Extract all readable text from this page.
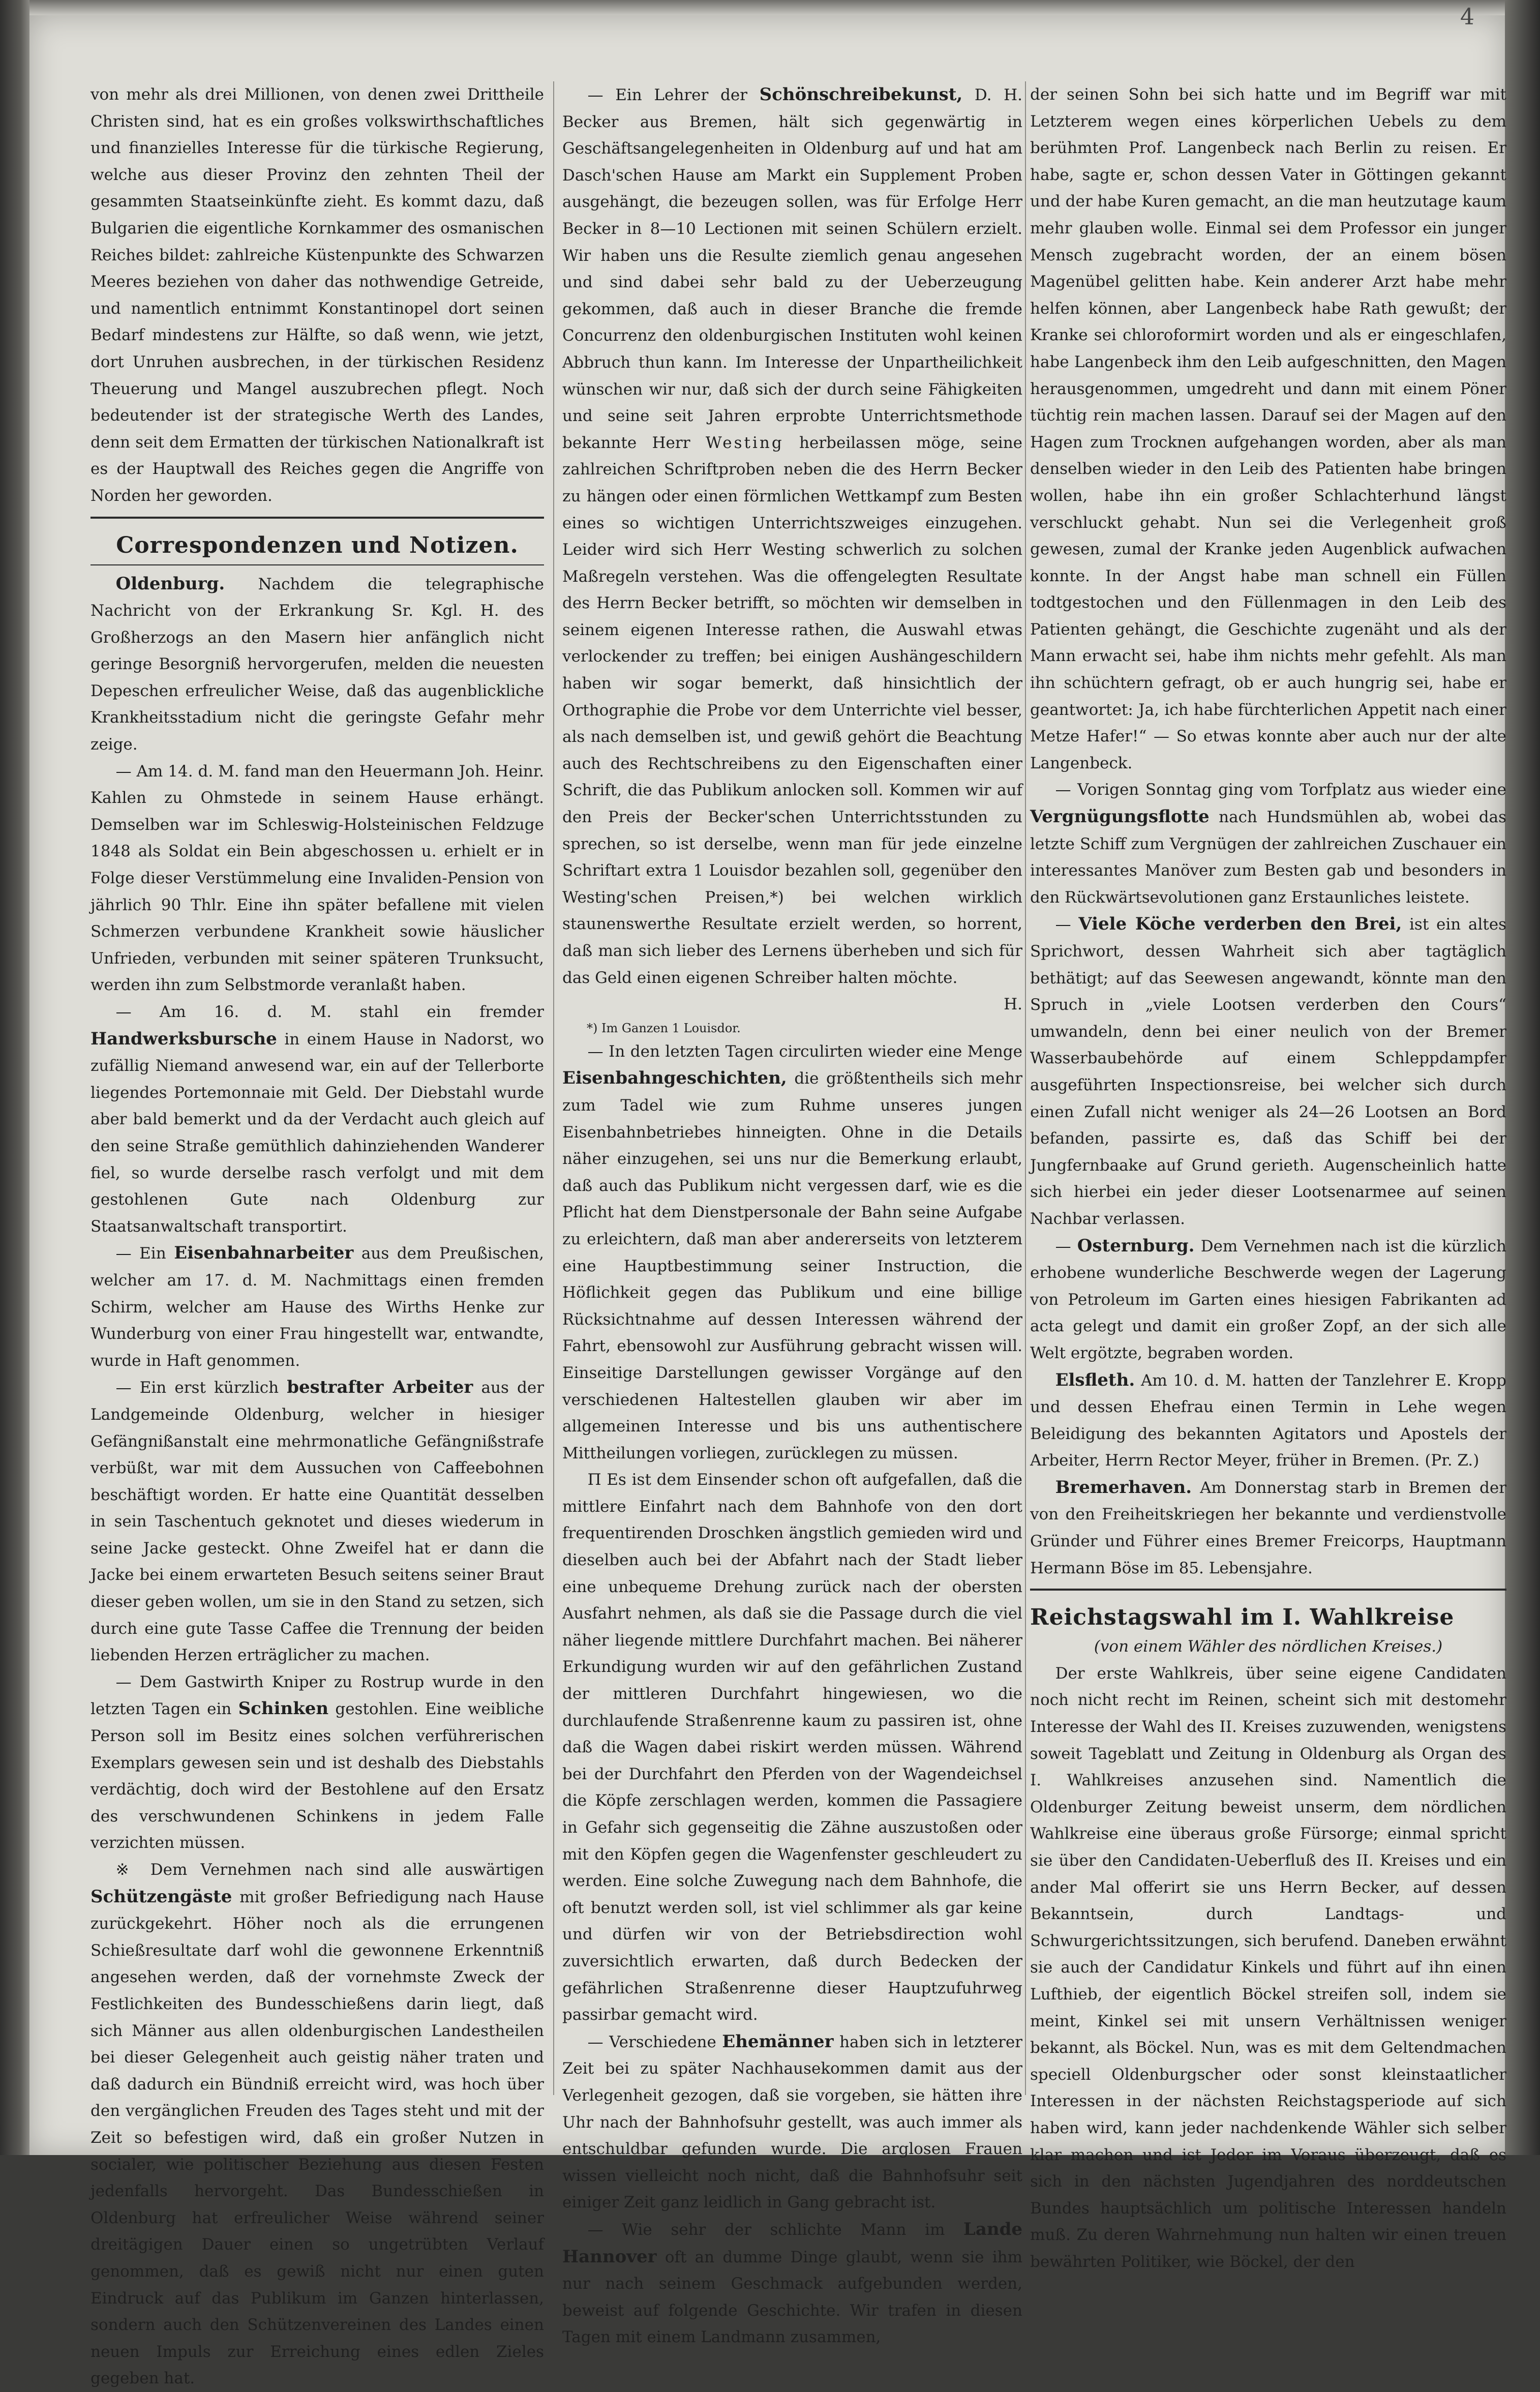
4

von mehr als drei Millionen, von denen zwei Drittheile Christen sind, hat es ein großes volkswirthschaftliches und finanzielles Interesse für die türkische Regierung, welche aus dieser Provinz den zehnten Theil der gesammten Staatseinkünfte zieht. Es kommt dazu, daß Bulgarien die eigentliche Kornkammer des osmanischen Reiches bildet: zahlreiche Küstenpunkte des Schwarzen Meeres beziehen von daher das nothwendige Getreide, und namentlich entnimmt Konstantinopel dort seinen Bedarf mindestens zur Hälfte, so daß wenn, wie jetzt, dort Unruhen ausbrechen, in der türkischen Residenz Theuerung und Mangel auszubrechen pflegt. Noch bedeutender ist der strategische Werth des Landes, denn seit dem Ermatten der türkischen Nationalkraft ist es der Hauptwall des Reiches gegen die Angriffe von Norden her geworden.

Correspondenzen und Notizen.

Oldenburg. Nachdem die telegraphische Nachricht von der Erkrankung Sr. Kgl. H. des Großherzogs an den Masern hier anfänglich nicht geringe Besorgniß hervorgerufen, melden die neuesten Depeschen erfreulicher Weise, daß das augenblickliche Krankheitsstadium nicht die geringste Gefahr mehr zeige.

— Am 14. d. M. fand man den Heuermann Joh. Heinr. Kahlen zu Ohmstede in seinem Hause erhängt. Demselben war im Schleswig-Holsteinischen Feldzuge 1848 als Soldat ein Bein abgeschossen u. erhielt er in Folge dieser Verstümmelung eine Invaliden-Pension von jährlich 90 Thlr. Eine ihn später befallene mit vielen Schmerzen verbundene Krankheit sowie häuslicher Unfrieden, verbunden mit seiner späteren Trunksucht, werden ihn zum Selbstmorde veranlaßt haben.

— Am 16. d. M. stahl ein fremder Handwerksbursche in einem Hause in Nadorst, wo zufällig Niemand anwesend war, ein auf der Tellerborte liegendes Portemonnaie mit Geld. Der Diebstahl wurde aber bald bemerkt und da der Verdacht auch gleich auf den seine Straße gemüthlich dahinziehenden Wanderer fiel, so wurde derselbe rasch verfolgt und mit dem gestohlenen Gute nach Oldenburg zur Staatsanwaltschaft transportirt.

— Ein Eisenbahnarbeiter aus dem Preußischen, welcher am 17. d. M. Nachmittags einen fremden Schirm, welcher am Hause des Wirths Henke zur Wunderburg von einer Frau hingestellt war, entwandte, wurde in Haft genommen.

— Ein erst kürzlich bestrafter Arbeiter aus der Landgemeinde Oldenburg, welcher in hiesiger Gefängnißanstalt eine mehrmonatliche Gefängnißstrafe verbüßt, war mit dem Aussuchen von Caffeebohnen beschäftigt worden. Er hatte eine Quantität desselben in sein Taschentuch geknotet und dieses wiederum in seine Jacke gesteckt. Ohne Zweifel hat er dann die Jacke bei einem erwarteten Besuch seitens seiner Braut dieser geben wollen, um sie in den Stand zu setzen, sich durch eine gute Tasse Caffee die Trennung der beiden liebenden Herzen erträglicher zu machen.

— Dem Gastwirth Kniper zu Rostrup wurde in den letzten Tagen ein Schinken gestohlen. Eine weibliche Person soll im Besitz eines solchen verführerischen Exemplars gewesen sein und ist deshalb des Diebstahls verdächtig, doch wird der Bestohlene auf den Ersatz des verschwundenen Schinkens in jedem Falle verzichten müssen.

※ Dem Vernehmen nach sind alle auswärtigen Schützengäste mit großer Befriedigung nach Hause zurückgekehrt. Höher noch als die errungenen Schießresultate darf wohl die gewonnene Erkenntniß angesehen werden, daß der vornehmste Zweck der Festlichkeiten des Bundesschießens darin liegt, daß sich Männer aus allen oldenburgischen Landestheilen bei dieser Gelegenheit auch geistig näher traten und daß dadurch ein Bündniß erreicht wird, was hoch über den vergänglichen Freuden des Tages steht und mit der Zeit so befestigen wird, daß ein großer Nutzen in socialer, wie politischer Beziehung aus diesen Festen jedenfalls hervorgeht. Das Bundesschießen in Oldenburg hat erfreulicher Weise während seiner dreitägigen Dauer einen so ungetrübten Verlauf genommen, daß es gewiß nicht nur einen guten Eindruck auf das Publikum im Ganzen hinterlassen, sondern auch den Schützenvereinen des Landes einen neuen Impuls zur Erreichung eines edlen Zieles gegeben hat.

— Ein Lehrer der Schönschreibekunst, D. H. Becker aus Bremen, hält sich gegenwärtig in Geschäftsangelegenheiten in Oldenburg auf und hat am Dasch'schen Hause am Markt ein Supplement Proben ausgehängt, die bezeugen sollen, was für Erfolge Herr Becker in 8—10 Lectionen mit seinen Schülern erzielt. Wir haben uns die Resulte ziemlich genau angesehen und sind dabei sehr bald zu der Ueberzeugung gekommen, daß auch in dieser Branche die fremde Concurrenz den oldenburgischen Instituten wohl keinen Abbruch thun kann. Im Interesse der Unpartheilichkeit wünschen wir nur, daß sich der durch seine Fähigkeiten und seine seit Jahren erprobte Unterrichtsmethode bekannte Herr Westing herbeilassen möge, seine zahlreichen Schriftproben neben die des Herrn Becker zu hängen oder einen förmlichen Wettkampf zum Besten eines so wichtigen Unterrichtszweiges einzugehen. Leider wird sich Herr Westing schwerlich zu solchen Maßregeln verstehen. Was die offengelegten Resultate des Herrn Becker betrifft, so möchten wir demselben in seinem eigenen Interesse rathen, die Auswahl etwas verlockender zu treffen; bei einigen Aushängeschildern haben wir sogar bemerkt, daß hinsichtlich der Orthographie die Probe vor dem Unterrichte viel besser, als nach demselben ist, und gewiß gehört die Beachtung auch des Rechtschreibens zu den Eigenschaften einer Schrift, die das Publikum anlocken soll. Kommen wir auf den Preis der Becker'schen Unterrichtsstunden zu sprechen, so ist derselbe, wenn man für jede einzelne Schriftart extra 1 Louisdor bezahlen soll, gegenüber den Westing'schen Preisen,*) bei welchen wirklich staunenswerthe Resultate erzielt werden, so horrent, daß man sich lieber des Lernens überheben und sich für das Geld einen eigenen Schreiber halten möchte.

H.
*) Im Ganzen 1 Louisdor.

— In den letzten Tagen circulirten wieder eine Menge Eisenbahngeschichten, die größtentheils sich mehr zum Tadel wie zum Ruhme unseres jungen Eisenbahnbetriebes hinneigten. Ohne in die Details näher einzugehen, sei uns nur die Bemerkung erlaubt, daß auch das Publikum nicht vergessen darf, wie es die Pflicht hat dem Dienstpersonale der Bahn seine Aufgabe zu erleichtern, daß man aber andererseits von letzterem eine Hauptbestimmung seiner Instruction, die Höflichkeit gegen das Publikum und eine billige Rücksichtnahme auf dessen Interessen während der Fahrt, ebensowohl zur Ausführung gebracht wissen will. Einseitige Darstellungen gewisser Vorgänge auf den verschiedenen Haltestellen glauben wir aber im allgemeinen Interesse und bis uns authentischere Mittheilungen vorliegen, zurücklegen zu müssen.

Π Es ist dem Einsender schon oft aufgefallen, daß die mittlere Einfahrt nach dem Bahnhofe von den dort frequentirenden Droschken ängstlich gemieden wird und dieselben auch bei der Abfahrt nach der Stadt lieber eine unbequeme Drehung zurück nach der obersten Ausfahrt nehmen, als daß sie die Passage durch die viel näher liegende mittlere Durchfahrt machen. Bei näherer Erkundigung wurden wir auf den gefährlichen Zustand der mittleren Durchfahrt hingewiesen, wo die durchlaufende Straßenrenne kaum zu passiren ist, ohne daß die Wagen dabei riskirt werden müssen. Während bei der Durchfahrt den Pferden von der Wagendeichsel die Köpfe zerschlagen werden, kommen die Passagiere in Gefahr sich gegenseitig die Zähne auszustoßen oder mit den Köpfen gegen die Wagenfenster geschleudert zu werden. Eine solche Zuwegung nach dem Bahnhofe, die oft benutzt werden soll, ist viel schlimmer als gar keine und dürfen wir von der Betriebsdirection wohl zuversichtlich erwarten, daß durch Bedecken der gefährlichen Straßenrenne dieser Hauptzufuhrweg passirbar gemacht wird.

— Verschiedene Ehemänner haben sich in letzterer Zeit bei zu später Nachhausekommen damit aus der Verlegenheit gezogen, daß sie vorgeben, sie hätten ihre Uhr nach der Bahnhofsuhr gestellt, was auch immer als entschuldbar gefunden wurde. Die arglosen Frauen wissen vielleicht noch nicht, daß die Bahnhofsuhr seit einiger Zeit ganz leidlich in Gang gebracht ist.

— Wie sehr der schlichte Mann im Lande Hannover oft an dumme Dinge glaubt, wenn sie ihm nur nach seinem Geschmack aufgebunden werden, beweist auf folgende Geschichte. Wir trafen in diesen Tagen mit einem Landmann zusammen,

der seinen Sohn bei sich hatte und im Begriff war mit Letzterem wegen eines körperlichen Uebels zu dem berühmten Prof. Langenbeck nach Berlin zu reisen. Er habe, sagte er, schon dessen Vater in Göttingen gekannt und der habe Kuren gemacht, an die man heutzutage kaum mehr glauben wolle. Einmal sei dem Professor ein junger Mensch zugebracht worden, der an einem bösen Magenübel gelitten habe. Kein anderer Arzt habe mehr helfen können, aber Langenbeck habe Rath gewußt; der Kranke sei chloroformirt worden und als er eingeschlafen, habe Langenbeck ihm den Leib aufgeschnitten, den Magen herausgenommen, umgedreht und dann mit einem Pöner tüchtig rein machen lassen. Darauf sei der Magen auf den Hagen zum Trocknen aufgehangen worden, aber als man denselben wieder in den Leib des Patienten habe bringen wollen, habe ihn ein großer Schlachterhund längst verschluckt gehabt. Nun sei die Verlegenheit groß gewesen, zumal der Kranke jeden Augenblick aufwachen konnte. In der Angst habe man schnell ein Füllen todtgestochen und den Füllenmagen in den Leib des Patienten gehängt, die Geschichte zugenäht und als der Mann erwacht sei, habe ihm nichts mehr gefehlt. Als man ihn schüchtern gefragt, ob er auch hungrig sei, habe er geantwortet: Ja, ich habe fürchterlichen Appetit nach einer Metze Hafer!“ — So etwas konnte aber auch nur der alte Langenbeck.

— Vorigen Sonntag ging vom Torfplatz aus wieder eine Vergnügungsflotte nach Hundsmühlen ab, wobei das letzte Schiff zum Vergnügen der zahlreichen Zuschauer ein interessantes Manöver zum Besten gab und besonders in den Rückwärtsevolutionen ganz Erstaunliches leistete.

— Viele Köche verderben den Brei, ist ein altes Sprichwort, dessen Wahrheit sich aber tagtäglich bethätigt; auf das Seewesen angewandt, könnte man den Spruch in „viele Lootsen verderben den Cours“ umwandeln, denn bei einer neulich von der Bremer Wasserbaubehörde auf einem Schleppdampfer ausgeführten Inspectionsreise, bei welcher sich durch einen Zufall nicht weniger als 24—26 Lootsen an Bord befanden, passirte es, daß das Schiff bei der Jungfernbaake auf Grund gerieth. Augenscheinlich hatte sich hierbei ein jeder dieser Lootsenarmee auf seinen Nachbar verlassen.

— Osternburg. Dem Vernehmen nach ist die kürzlich erhobene wunderliche Beschwerde wegen der Lagerung von Petroleum im Garten eines hiesigen Fabrikanten ad acta gelegt und damit ein großer Zopf, an der sich alle Welt ergötzte, begraben worden.

Elsfleth. Am 10. d. M. hatten der Tanzlehrer E. Kropp und dessen Ehefrau einen Termin in Lehe wegen Beleidigung des bekannten Agitators und Apostels der Arbeiter, Herrn Rector Meyer, früher in Bremen. (Pr. Z.)

Bremerhaven. Am Donnerstag starb in Bremen der von den Freiheitskriegen her bekannte und verdienstvolle Gründer und Führer eines Bremer Freicorps, Hauptmann Hermann Böse im 85. Lebensjahre.

Reichstagswahl im I. Wahlkreise
(von einem Wähler des nördlichen Kreises.)

Der erste Wahlkreis, über seine eigene Candidaten noch nicht recht im Reinen, scheint sich mit destomehr Interesse der Wahl des II. Kreises zuzuwenden, wenigstens soweit Tageblatt und Zeitung in Oldenburg als Organ des I. Wahlkreises anzusehen sind. Namentlich die Oldenburger Zeitung beweist unserm, dem nördlichen Wahlkreise eine überaus große Fürsorge; einmal spricht sie über den Candidaten-Ueberfluß des II. Kreises und ein ander Mal offerirt sie uns Herrn Becker, auf dessen Bekanntsein, durch Landtags- und Schwurgerichtssitzungen, sich berufend. Daneben erwähnt sie auch der Candidatur Kinkels und führt auf ihn einen Lufthieb, der eigentlich Böckel streifen soll, indem sie meint, Kinkel sei mit unsern Verhältnissen weniger bekannt, als Böckel. Nun, was es mit dem Geltendmachen speciell Oldenburgscher oder sonst kleinstaatlicher Interessen in der nächsten Reichstagsperiode auf sich haben wird, kann jeder nachdenkende Wähler sich selber klar machen und ist Jeder im Voraus überzeugt, daß es sich in den nächsten Jugendjahren des norddeutschen Bundes hauptsächlich um politische Interessen handeln muß. Zu deren Wahrnehmung nun halten wir einen treuen bewährten Politiker, wie Böckel, der den
